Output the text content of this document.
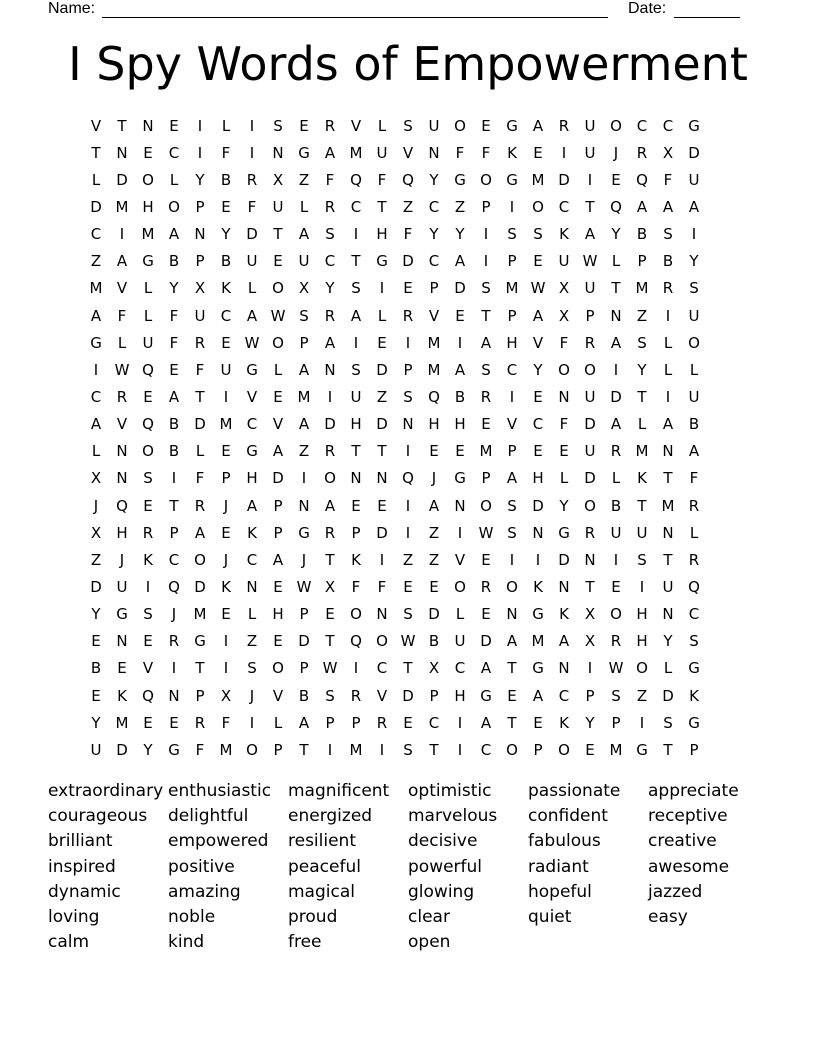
Name:	Date:
I Spy Words of Empowerment
V	T	N	E	I	L	I	S	E	R	V	L	S	U O	E	G	A	R	U O C	C G
T	N	E	C	I	F	I	N G	A M U	V	N	F	F	K	E	I	U	J	R	X	D
L	D O	L	Y	B	R	X	Z	F	Q	F	Q	Y	G O G M D	I	E	Q	F	U
D M H O	P	E	F	U	L	R	C	T	Z	C	Z	P	I	O C	T	Q A	A	A
C	I	M A	N	Y	D	T	A	S	I	H	F	Y	Y	I	S	S	K	A	Y	B	S	I
Z	A	G	B	P	B	U	E	U	C	T	G D C	A	I	P	E	U W L	P	B	Y
M V	L	Y	X	K	L	O X	Y	S	I	E	P	D	S M W X	U	T M R	S
A	F	L	F	U	C	A W S	R	A	L	R	V	E	T	P	A	X	P	N	Z	I	U
G	L	U	F	R	E W O	P	A	I	E	I	M	I	A	H	V	F	R	A	S	L	O
I	W Q	E	F	U G	L	A	N	S	D	P	M A	S	C	Y	O O	I	Y	L	L
C	R	E	A	T	I	V	E M	I	U	Z	S	Q B	R	I	E	N U D	T	I	U
A	V Q B	D M C	V	A	D H D N H H	E	V	C	F	D	A	L	A	B
L	N O B	L	E	G	A	Z	R	T	T	I	E	E M	P	E	E	U	R M N	A
X	N	S	I	F	P	H D	I	O N N Q	J	G	P	A	H	L	D	L	K	T	F
J	Q	E	T	R	J	A	P	N	A	E	E	I	A	N O	S	D	Y	O B	T M R
X	H	R	P	A	E	K	P	G R	P	D	I	Z	I	W S	N G R	U	U N	L
Z	J	K	C O	J	C	A	J	T	K	I	Z	Z	V	E	I	I	D N	I	S	T	R
D U	I	Q D	K	N	E W X	F	F	E	E	O R O	K	N	T	E	I	U Q
Y	G	S	J	M E	L	H	P	E	O N	S	D	L	E	N G	K	X O H N	C
E	N	E	R G	I	Z	E	D	T	Q O W B	U D	A M A	X	R	H	Y	S
B	E	V	I	T	I	S	O	P W	I	C	T	X	C	A	T	G N	I	W O	L	G
E	K	Q N	P	X	J	V	B	S	R	V	D	P	H G	E	A	C	P	S	Z	D	K
Y M E	E	R	F	I	L	A	P	P	R	E	C	I	A	T	E	K	Y	P	I	S	G
U D	Y	G	F	M O	P	T	I	M	I	S	T	I	C O	P	O	E M G	T	P
extraordinary enthusiastic magnificent	optimistic	passionate	appreciate
courageous	delightful	energized	marvelous	confident	receptive
brilliant	empowered	resilient	decisive	fabulous	creative
inspired	positive	peaceful	powerful	radiant	awesome
dynamic	amazing	magical	glowing	hopeful	jazzed
loving	noble	proud	clear	quiet	easy
calm	kind	free	open
